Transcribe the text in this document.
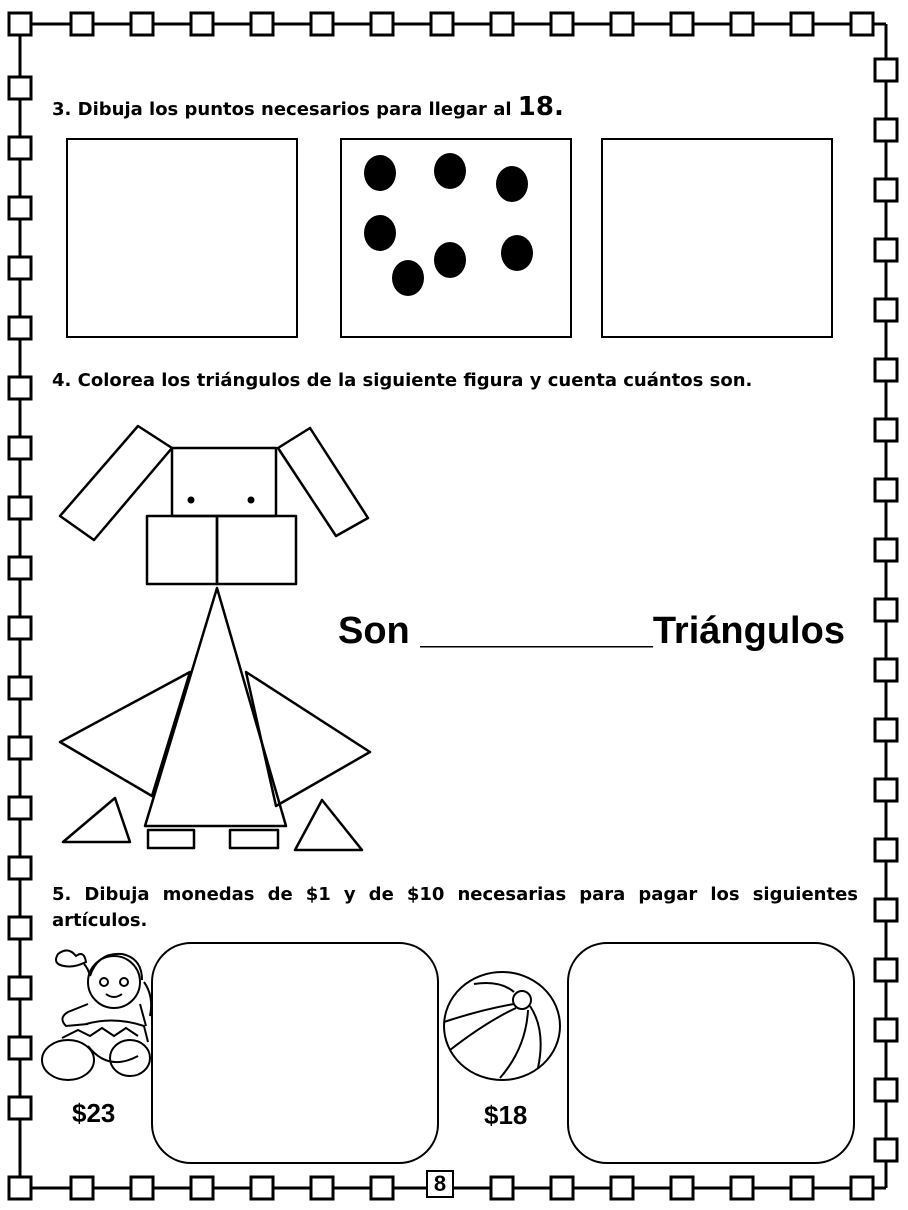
3. Dibuja los puntos necesarios para llegar al 18.
4. Colorea los triángulos de la siguiente figura y cuenta cuántos son.
Son ___________Triángulos
5. Dibuja monedas de $1 y de $10 necesarias para pagar los siguientes artículos.
$23	$18
8
